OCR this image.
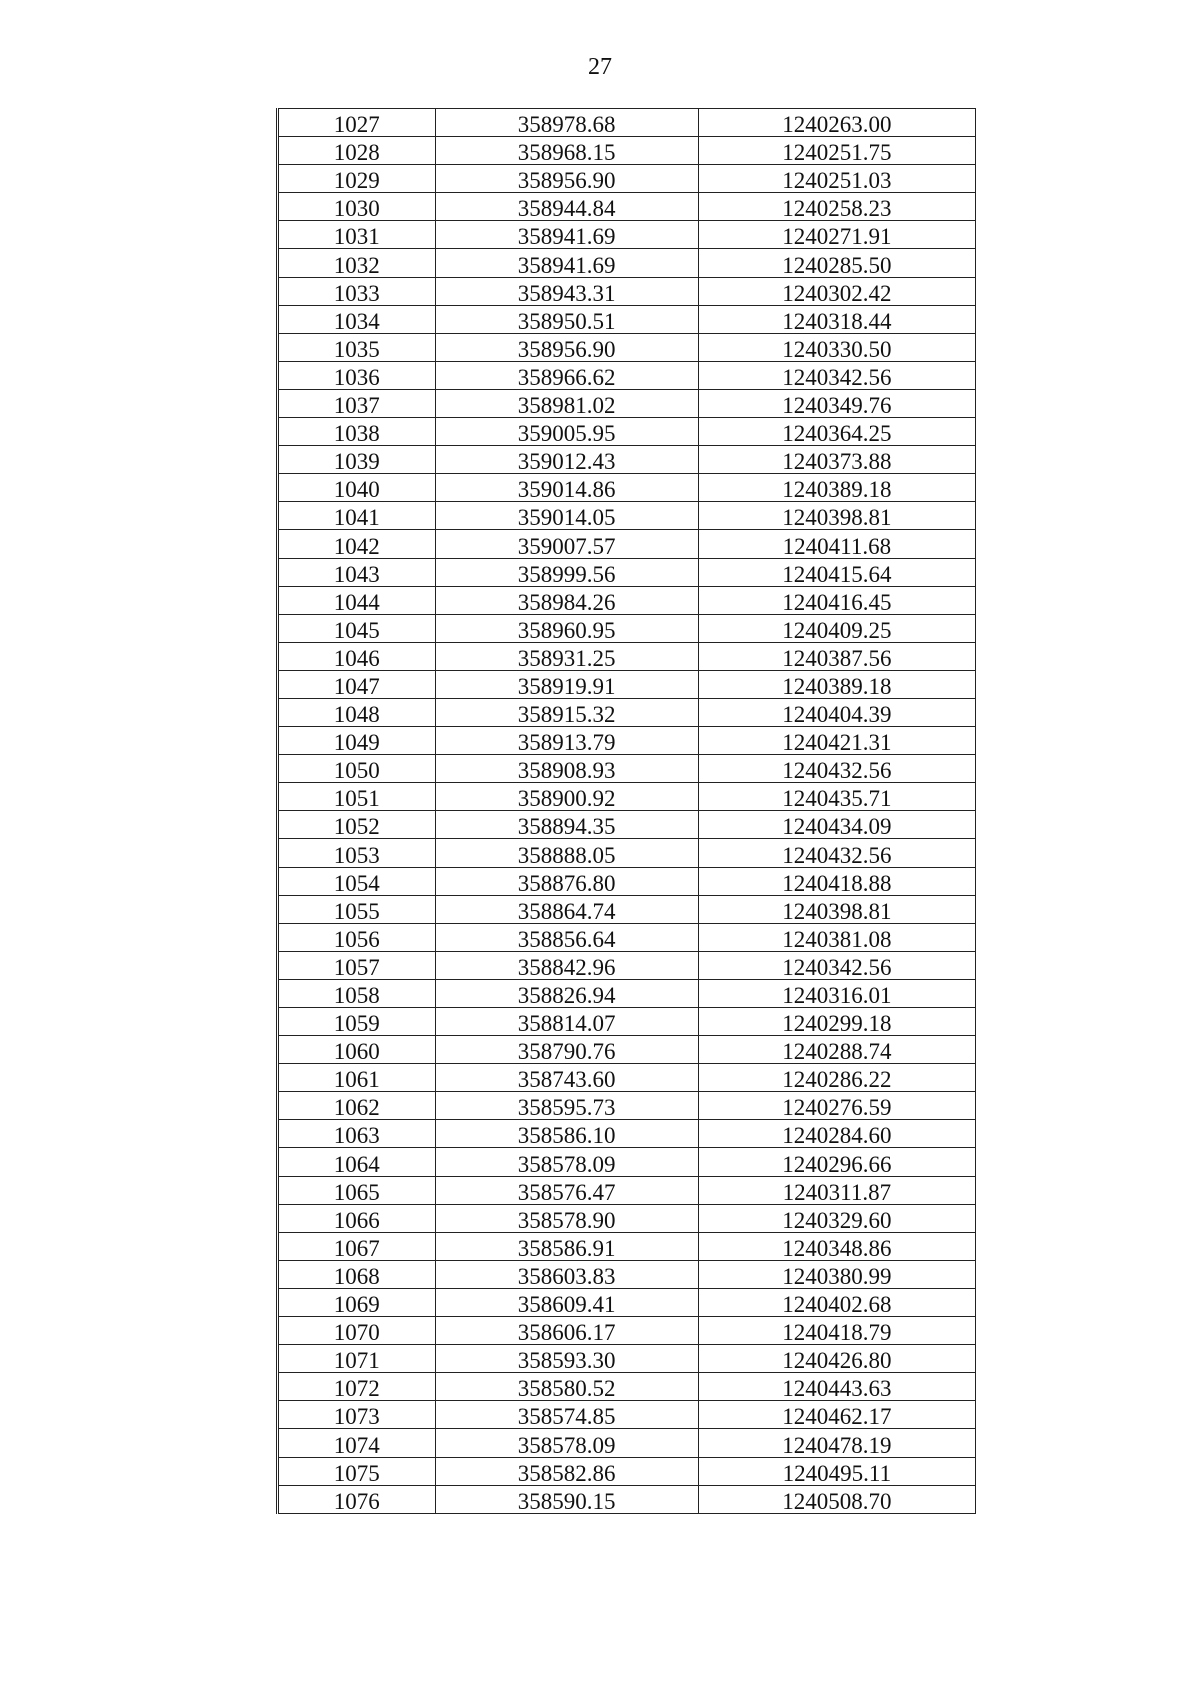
27
1027	358978.68	1240263.00
1028	358968.15	1240251.75
1029	358956.90	1240251.03
1030	358944.84	1240258.23
1031	358941.69	1240271.91
1032	358941.69	1240285.50
1033	358943.31	1240302.42
1034	358950.51	1240318.44
1035	358956.90	1240330.50
1036	358966.62	1240342.56
1037	358981.02	1240349.76
1038	359005.95	1240364.25
1039	359012.43	1240373.88
1040	359014.86	1240389.18
1041	359014.05	1240398.81
1042	359007.57	1240411.68
1043	358999.56	1240415.64
1044	358984.26	1240416.45
1045	358960.95	1240409.25
1046	358931.25	1240387.56
1047	358919.91	1240389.18
1048	358915.32	1240404.39
1049	358913.79	1240421.31
1050	358908.93	1240432.56
1051	358900.92	1240435.71
1052	358894.35	1240434.09
1053	358888.05	1240432.56
1054	358876.80	1240418.88
1055	358864.74	1240398.81
1056	358856.64	1240381.08
1057	358842.96	1240342.56
1058	358826.94	1240316.01
1059	358814.07	1240299.18
1060	358790.76	1240288.74
1061	358743.60	1240286.22
1062	358595.73	1240276.59
1063	358586.10	1240284.60
1064	358578.09	1240296.66
1065	358576.47	1240311.87
1066	358578.90	1240329.60
1067	358586.91	1240348.86
1068	358603.83	1240380.99
1069	358609.41	1240402.68
1070	358606.17	1240418.79
1071	358593.30	1240426.80
1072	358580.52	1240443.63
1073	358574.85	1240462.17
1074	358578.09	1240478.19
1075	358582.86	1240495.11
1076	358590.15	1240508.70
